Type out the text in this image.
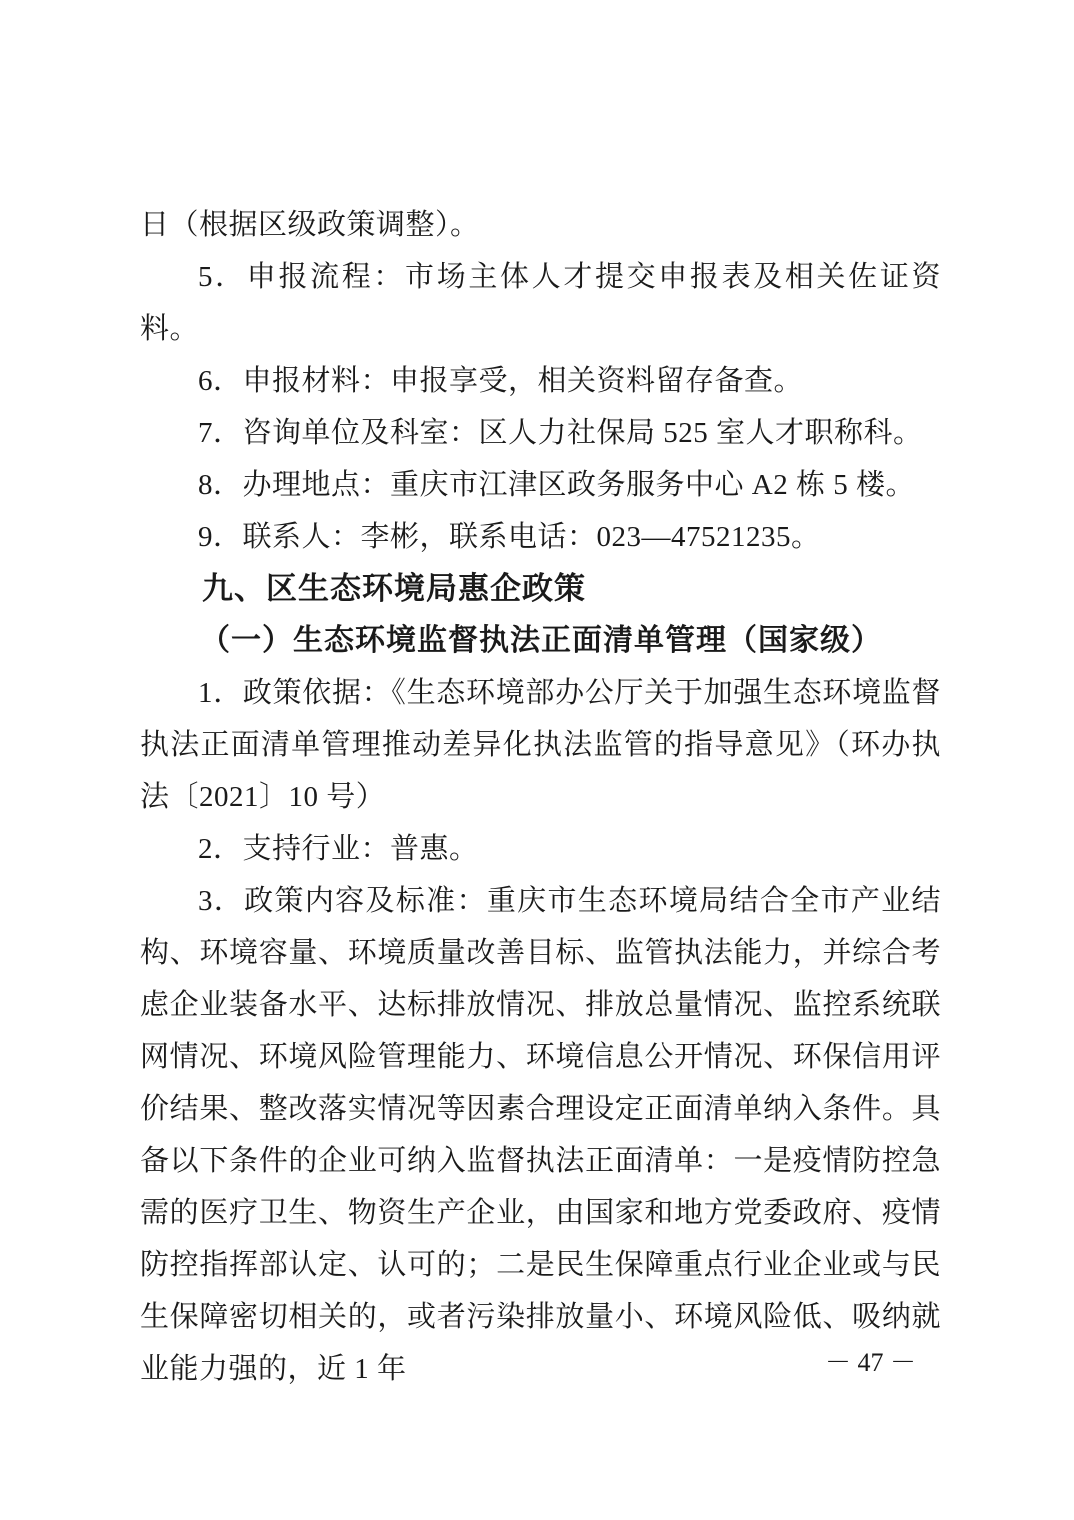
日（根据区级政策调整）。

5．申报流程：市场主体人才提交申报表及相关佐证资料。

6．申报材料：申报享受，相关资料留存备查。

7．咨询单位及科室：区人力社保局 525 室人才职称科。

8．办理地点：重庆市江津区政务服务中心 A2 栋 5 楼。

9．联系人：李彬，联系电话：023—47521235。

九、区生态环境局惠企政策

（一）生态环境监督执法正面清单管理（国家级）

1．政策依据：《生态环境部办公厅关于加强生态环境监督执法正面清单管理推动差异化执法监管的指导意见》（环办执法〔2021〕10 号）

2．支持行业：普惠。

3．政策内容及标准：重庆市生态环境局结合全市产业结构、环境容量、环境质量改善目标、监管执法能力，并综合考虑企业装备水平、达标排放情况、排放总量情况、监控系统联网情况、环境风险管理能力、环境信息公开情况、环保信用评价结果、整改落实情况等因素合理设定正面清单纳入条件。具备以下条件的企业可纳入监督执法正面清单：一是疫情防控急需的医疗卫生、物资生产企业，由国家和地方党委政府、疫情防控指挥部认定、认可的；二是民生保障重点行业企业或与民生保障密切相关的，或者污染排放量小、环境风险低、吸纳就业能力强的，近 1 年	－ 47 －
